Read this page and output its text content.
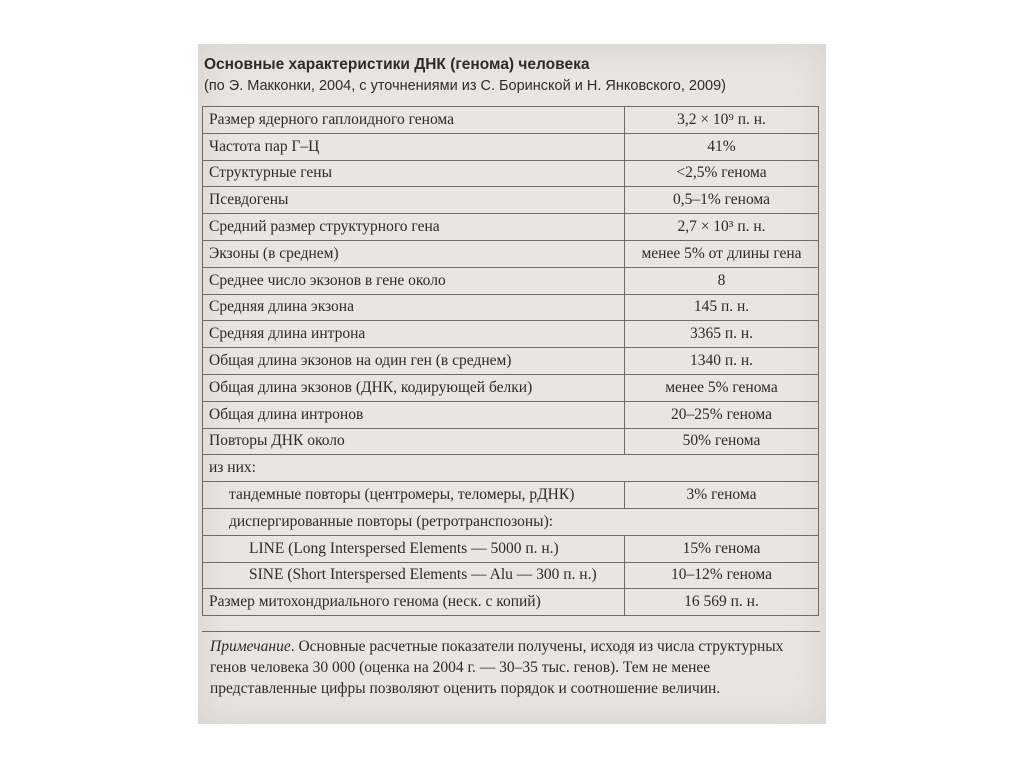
Основные характеристики ДНК (генома) человека
(по Э. Макконки, 2004, с уточнениями из С. Боринской и Н. Янковского, 2009)
Размер ядерного гаплоидного генома	3,2 × 10⁹ п. н.
Частота пар Г–Ц	41%
Структурные гены	<2,5% генома
Псевдогены	0,5–1% генома
Средний размер структурного гена	2,7 × 10³ п. н.
Экзоны (в среднем)	менее 5% от длины гена
Среднее число экзонов в гене около	8
Средняя длина экзона	145 п. н.
Средняя длина интрона	3365 п. н.
Общая длина экзонов на один ген (в среднем)	1340 п. н.
Общая длина экзонов (ДНК, кодирующей белки)	менее 5% генома
Общая длина интронов	20–25% генома
Повторы ДНК около	50% генома
из них:	
тандемные повторы (центромеры, теломеры, рДНК)	3% генома
диспергированные повторы (ретротранспозоны):	
LINE (Long Interspersed Elements — 5000 п. н.)	15% генома
SINE (Short Interspersed Elements — Alu — 300 п. н.)	10–12% генома
Размер митохондриального генома (неск. с копий)	16 569 п. н.
Примечание. Основные расчетные показатели получены, исходя из числа структурных генов человека 30 000 (оценка на 2004 г. — 30–35 тыс. генов). Тем не менее представленные цифры позволяют оценить порядок и соотношение величин.
